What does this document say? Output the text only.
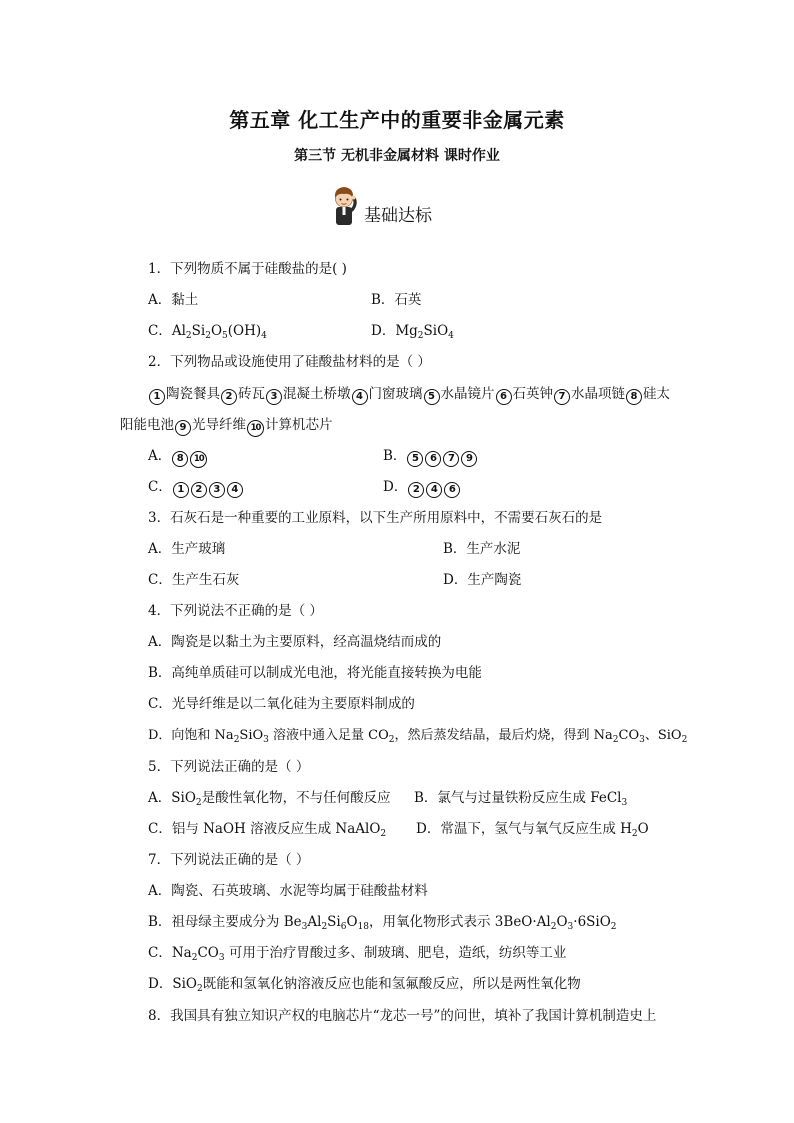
第五章 化工生产中的重要非金属元素
第三节 无机非金属材料 课时作业
基础达标
1．下列物质不属于硅酸盐的是( )
A．黏土	B．石英
C．$Al_2Si_2O_5(OH)_4$	D．$Mg_2SiO_4$
2．下列物品或设施使用了硅酸盐材料的是（ ）
1 陶瓷餐具 2 砖瓦 3 混凝土桥墩 4 门窗玻璃 5 水晶镜片 6 石英钟 7 水晶项链 8 硅太
阳能电池 9 光导纤维 10 计算机芯片
A． 8 10	B． 5 6 7 9
C． 1 2 3 4	D． 2 4 6
3．石灰石是一种重要的工业原料，以下生产所用原料中，不需要石灰石的是
A．生产玻璃	B．生产水泥
C．生产生石灰	D．生产陶瓷
4．下列说法不正确的是（ ）
A．陶瓷是以黏土为主要原料，经高温烧结而成的
B．高纯单质硅可以制成光电池，将光能直接转换为电能
C．光导纤维是以二氧化硅为主要原料制成的
D．向饱和 $Na_2SiO_3$ 溶液中通入足量 $CO_2$，然后蒸发结晶，最后灼烧，得到 $Na_2CO_3$、SiO$_2$
5．下列说法正确的是（ ）
A．SiO$_2$是酸性氧化物，不与任何酸反应 B．氯气与过量铁粉反应生成 FeCl$_3$
C．铝与 NaOH 溶液反应生成 NaAlO$_2$ D．常温下，氢气与氧气反应生成 $H_2O$
7．下列说法正确的是（ ）
A．陶瓷、石英玻璃、水泥等均属于硅酸盐材料
B．祖母绿主要成分为 $Be_3Al_2Si_6O_{18}$，用氧化物形式表示 $3BeO\cdot Al_2O_3\cdot 6SiO_2$
C．$Na_2CO_3$ 可用于治疗胃酸过多、制玻璃、肥皂，造纸，纺织等工业
D．SiO$_2$既能和氢氧化钠溶液反应也能和氢氟酸反应，所以是两性氧化物
8．我国具有独立知识产权的电脑芯片“龙芯一号”的问世，填补了我国计算机制造史上
